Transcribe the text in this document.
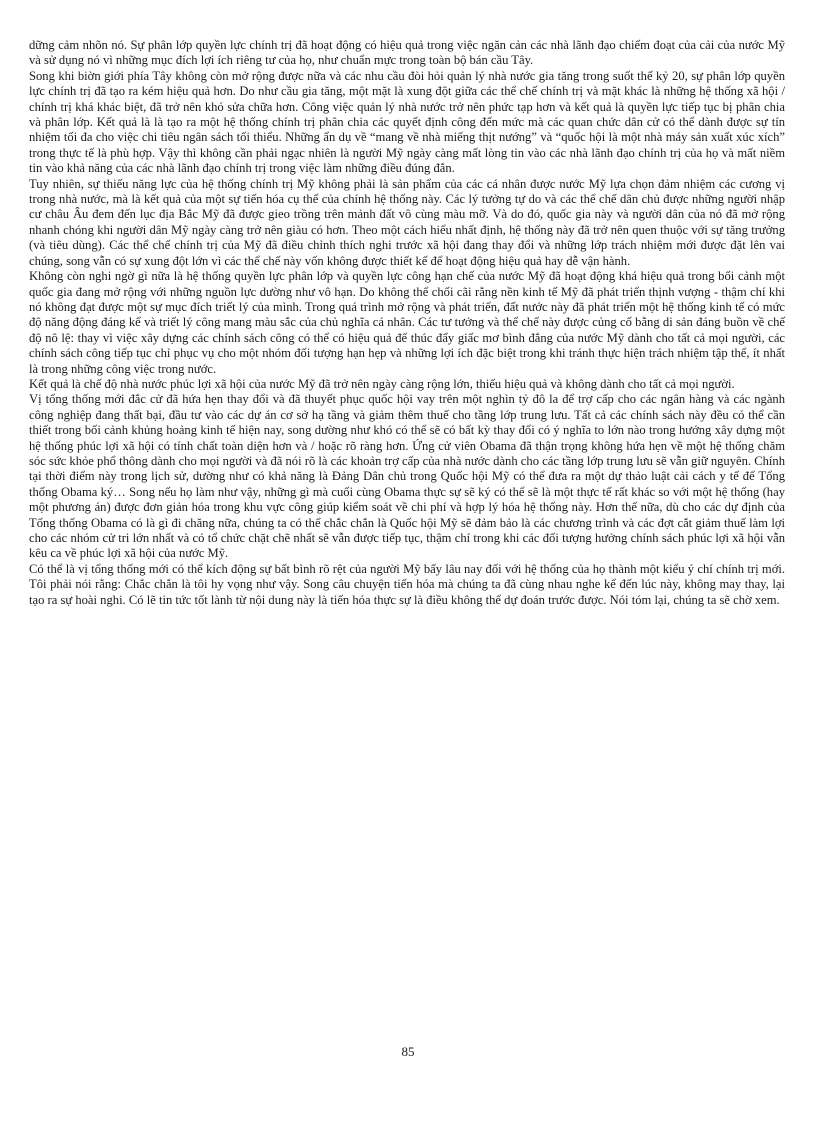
dững cảm nhõn nó. Sự phân lớp quyền lực chính trị đã hoạt động có hiệu quả trong việc ngăn cản các nhà lãnh đạo chiếm đoạt của cải của nước Mỹ và sử dụng nó vì những mục đích lợi ích riêng tư của họ, như chuẩn mực trong toàn bộ bán cầu Tây.

Song khi biờn giới phía Tây không còn mở rộng được nữa và các nhu cầu đòi hỏi quản lý nhà nước gia tăng trong suốt thế kỷ 20, sự phân lớp quyền lực chính trị đã tạo ra kém hiệu quả hơn. Do như cầu gia tăng, một mặt là xung đột giữa các thể chế chính trị và mặt khác là những hệ thống xã hội / chính trị khá khác biệt, đã trở nên khó sửa chữa hơn. Công việc quản lý nhà nước trở nên phức tạp hơn và kết quả là quyền lực tiếp tục bị phân chia và phân lớp. Kết quả là là tạo ra một hệ thống chính trị phân chia các quyết định công đến mức mà các quan chức dân cử có thể dành được sự tín nhiệm tối đa cho việc chi tiêu ngân sách tối thiểu. Những ẩn dụ về “mang về nhà miếng thịt nướng” và “quốc hội là một nhà máy sản xuất xúc xích” trong thực tế là phù hợp. Vậy thì không cần phải ngạc nhiên là người Mỹ ngày càng mất lòng tin vào các nhà lãnh đạo chính trị của họ và mất niềm tin vào khả năng của các nhà lãnh đạo chính trị trong việc làm những điều đúng đắn.

Tuy nhiên, sự thiếu năng lực của hệ thống chính trị Mỹ không phải là sản phẩm của các cá nhân được nước Mỹ lựa chọn đảm nhiệm các cương vị trong nhà nước, mà là kết quả của một sự tiến hóa cụ thể của chính hệ thống này. Các lý tưởng tự do và các thể chế dân chủ được những người nhập cư châu Âu đem đến lục địa Bắc Mỹ đã được gieo trồng trên mảnh đất vô cùng màu mỡ. Và do đó, quốc gia này và người dân của nó đã mở rộng nhanh chóng khi người dân Mỹ ngày càng trở nên giàu có hơn. Theo một cách hiểu nhất định, hệ thống này đã trở nên quen thuộc với sự tăng trưởng (và tiêu dùng). Các thể chế chính trị của Mỹ đã điều chỉnh thích nghi trước xã hội đang thay đổi và những lớp trách nhiệm mới được đặt lên vai chúng, song vẫn có sự xung đột lớn vì các thể chế này vốn không được thiết kế để hoạt động hiệu quả hay dễ vận hành.

Không còn nghi ngờ gì nữa là hệ thống quyền lực phân lớp và quyền lực công hạn chế của nước Mỹ đã hoạt động khá hiệu quả trong bối cảnh một quốc gia đang mở rộng với những nguồn lực dường như vô hạn. Do không thể chối cãi rằng nền kinh tế Mỹ đã phát triển thịnh vượng - thậm chí khi nó không đạt được một sự mục đích triết lý của mình. Trong quá trình mở rộng và phát triển, đất nước này đã phát triển một hệ thống kinh tế có mức độ năng động đáng kể và triết lý công mang màu sắc của chủ nghĩa cá nhân. Các tư tưởng và thể chế này được củng cố bằng di sản đáng buồn về chế độ nô lệ: thay vì việc xây dựng các chính sách công có thể có hiệu quả để thúc đẩy giấc mơ bình đẳng của nước Mỹ dành cho tất cả mọi người, các chính sách công tiếp tục chỉ phục vụ cho một nhóm đối tượng hạn hẹp và những lợi ích đặc biệt trong khi tránh thực hiện trách nhiệm tập thể, ít nhất là trong những công việc trong nước.

Kết quả là chế độ nhà nước phúc lợi xã hội của nước Mỹ đã trở nên ngày càng rộng lớn, thiếu hiệu quả và không dành cho tất cả mọi người.

Vị tổng thống mới đắc cử đã hứa hẹn thay đổi và đã thuyết phục quốc hội vay trên một nghìn tỷ đô la để trợ cấp cho các ngân hàng và các ngành công nghiệp đang thất bại, đầu tư vào các dự án cơ sở hạ tầng và giảm thêm thuế cho tầng lớp trung lưu. Tất cả các chính sách này đều có thể cần thiết trong bối cảnh khủng hoảng kinh tế hiện nay, song dường như khó có thể sẽ có bất kỳ thay đổi có ý nghĩa to lớn nào trong hướng xây dựng một hệ thống phúc lợi xã hội có tính chất toàn diện hơn và / hoặc rõ ràng hơn. Ứng cử viên Obama đã thận trọng không hứa hẹn về một hệ thống chăm sóc sức khỏe phổ thông dành cho mọi người và đã nói rõ là các khoản trợ cấp của nhà nước dành cho các tầng lớp trung lưu sẽ vẫn giữ nguyên. Chính tại thời điểm này trong lịch sử, dường như có khả năng là Đảng Dân chủ trong Quốc hội Mỹ có thể đưa ra một dự thảo luật cải cách y tế để Tổng thống Obama ký… Song nếu họ làm như vậy, những gì mà cuối cùng Obama thực sự sẽ ký có thể sẽ là một thực tế rất khác so với một hệ thống (hay một phương án) được đơn giản hóa trong khu vực công giúp kiểm soát về chi phí và hợp lý hóa hệ thống này. Hơn thế nữa, dù cho các dự định của Tổng thống Obama có là gì đi chăng nữa, chúng ta có thể chắc chắn là Quốc hội Mỹ sẽ đảm bảo là các chương trình và các đợt cắt giảm thuế làm lợi cho các nhóm cử tri lớn nhất và có tổ chức chặt chẽ nhất sẽ vẫn được tiếp tục, thậm chí trong khi các đối tượng hưởng chính sách phúc lợi xã hội vẫn kêu ca về phúc lợi xã hội của nước Mỹ.

Có thể là vị tổng thống mới có thể kích động sự bất bình rõ rệt của người Mỹ bấy lâu nay đối với hệ thống của họ thành một kiểu ý chí chính trị mới. Tôi phải nói rằng: Chắc chắn là tôi hy vọng như vậy. Song câu chuyện tiến hóa mà chúng ta đã cùng nhau nghe kể đến lúc này, không may thay, lại tạo ra sự hoài nghi. Có lẽ tin tức tốt lành từ nội dung này là tiến hóa thực sự là điều không thể dự đoán trước được. Nói tóm lại, chúng ta sẽ chờ xem.

85
